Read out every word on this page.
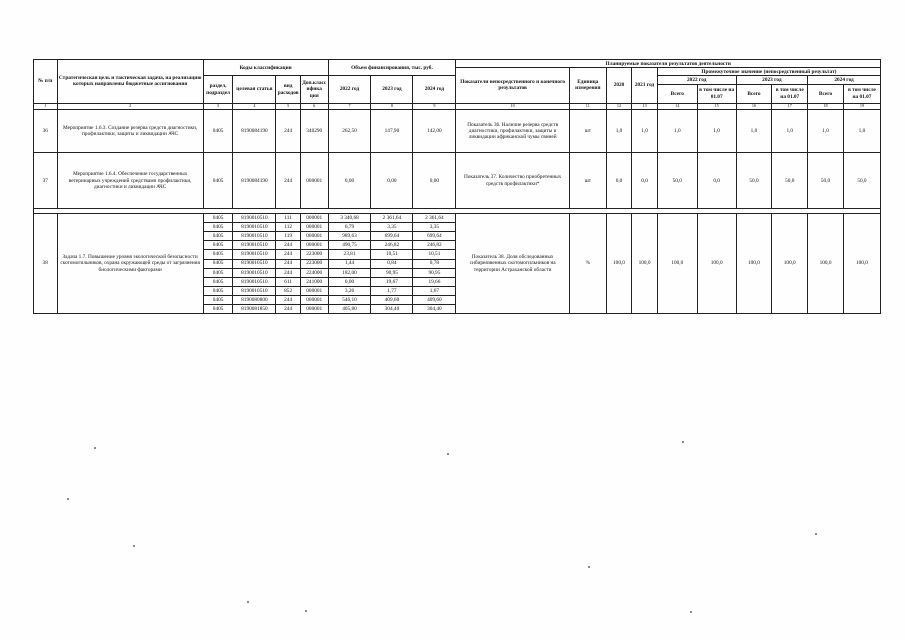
№ п/п	Стратегическая цель и тактическая задача, на реализацию которых направлены бюджетные ассигнования	Коды классификации				Объем финансирования, тыс. руб.			Планируемые показатели результатов деятельности									
									Показатели непосредственного и конечного результатов	Единица измерения	2020	2021 год	Промежуточное значение (непосредственный результат)					
		раздел, подраздел	целевая статья	вид расходов	Доп.классифика ция	2022 год	2023 год	2024 год					2022 год		2023 год		2024 год	
													Всего	в том числе на 01.07	Всего	в том числе на 01.07	Всего	в том числе на 01.07
1	2	3	4	5	6	7	8	9	10	11	12	13	14	15	16	17	18	19
36	Мероприятие 1.6.3. Создание резерва средств диагностики, профилактики, защиты и ликвидации АЧС	0405	8190084190	244	340290	262,50	147,90	142,00	Показатель 36. Наличие резерва средств диагностики, профилактики, защиты и ликвидации африканской чумы свиней	шт	1,0	1,0	1,0	1,0	1,0	1,0	1,0	1,0
37	Мероприятие 1.6.4. Обеспечение государственных ветеринарных учреждений средствами профилактики, диагностики и ликвидации АЧС	0405	8190084190	244	000001	0,00	0,00	0,00	Показатель 37. Количество приобретенных средств профилактики*	шт	0,0	0,0	50,0	0,0	50,0	50,0	50,0	50,0

38	Задача 1.7. Повышение уровня экологической безопасности скотомогильников, охрана окружающей среды от загрязнения биологическими факторами	0405	8190010510	111	000001	3 340,68	2 361,64	2 361,64	Показатель 38. Доля обследованных сибиреязвенных скотомогильников на территории Астраханской области	%	100,0	100,0	100,0	100,0	100,0	100,0	100,0	100,0
		0405	8190010510	112	000001	6,79	3,35	3,35										
		0405	8190010510	119	000001	989,63	699,64	699,64										
		0405	8190010510	244	000001	490,75	246,82	246,82										
		0405	8190010510	244	223000	23,81	10,51	10,51										
		0405	8190010510	244	223000	1,44	0,84	0,78										
		0405	8190010510	244	224000	182,00	90,95	90,95										
		0405	8190010510	611	241000	0,00	19,67	19,66										
		0405	8190010510	852	000001	3,26	1,77	1,67										
		0405	8190080800	244	000001	546,10	409,60	409,60										
		0405	8190081850	244	000001	405,80	304,40	304,40										
